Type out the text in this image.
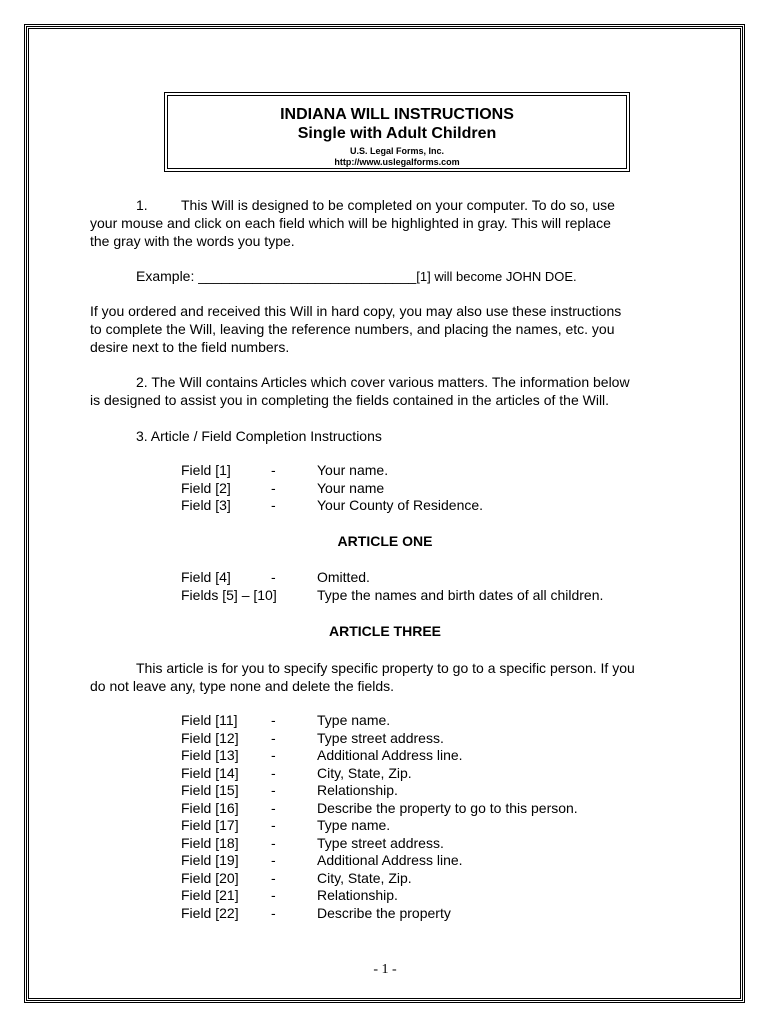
INDIANA WILL INSTRUCTIONS
Single with Adult Children
U.S. Legal Forms, Inc.
http://www.uslegalforms.com
1. This Will is designed to be completed on your computer. To do so, use
your mouse and click on each field which will be highlighted in gray. This will replace
the gray with the words you type.
Example: ____________________________[1] will become JOHN DOE.
If you ordered and received this Will in hard copy, you may also use these instructions
to complete the Will, leaving the reference numbers, and placing the names, etc. you
desire next to the field numbers.
2. The Will contains Articles which cover various matters. The information below
is designed to assist you in completing the fields contained in the articles of the Will.
3. Article / Field Completion Instructions
Field [1]	-	Your name.
Field [2]	-	Your name
Field [3]	-	Your County of Residence.
ARTICLE ONE
Field [4]	-	Omitted.
Fields [5] – [10]	Type the names and birth dates of all children.
ARTICLE THREE
This article is for you to specify specific property to go to a specific person. If you
do not leave any, type none and delete the fields.
Field [11]	-	Type name.
Field [12]	-	Type street address.
Field [13]	-	Additional Address line.
Field [14]	-	City, State, Zip.
Field [15]	-	Relationship.
Field [16]	-	Describe the property to go to this person.
Field [17]	-	Type name.
Field [18]	-	Type street address.
Field [19]	-	Additional Address line.
Field [20]	-	City, State, Zip.
Field [21]	-	Relationship.
Field [22]	-	Describe the property
- 1 -
